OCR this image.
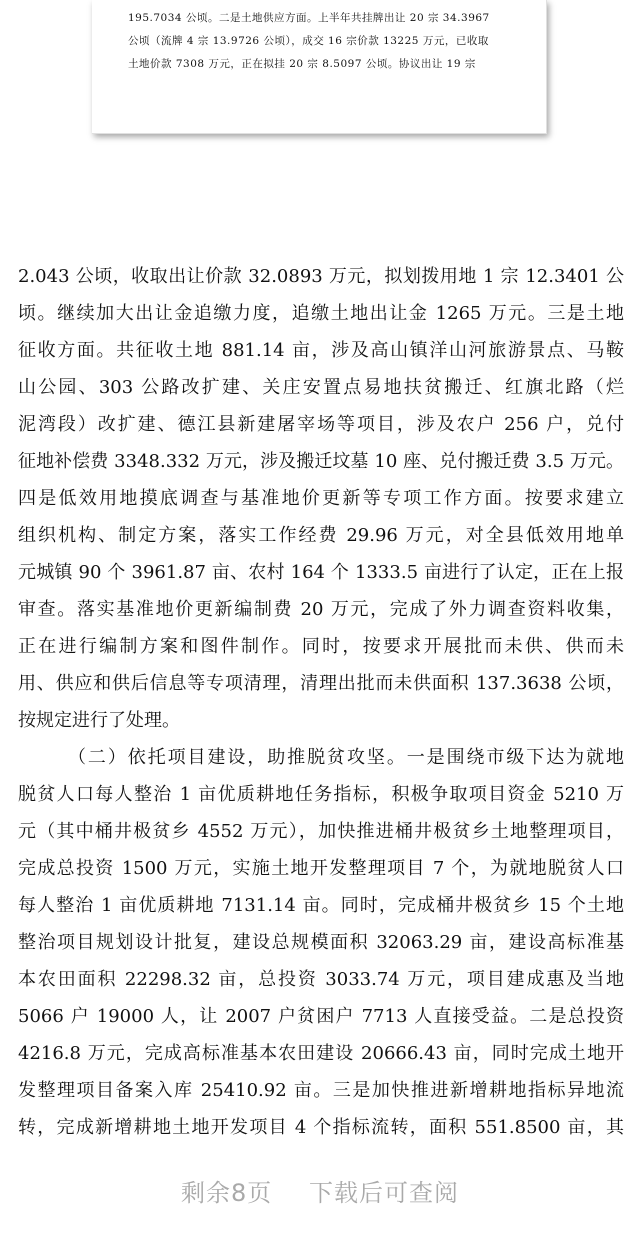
195.7034 公顷。二是土地供应方面。上半年共挂牌出让 20 宗 34.3967
公顷（流牌 4 宗 13.9726 公顷），成交 16 宗价款 13225 万元，已收取
土地价款 7308 万元，正在拟挂 20 宗 8.5097 公顷。协议出让 19 宗
2.043 公顷，收取出让价款 32.0893 万元，拟划拨用地 1 宗 12.3401 公
顷。继续加大出让金追缴力度，追缴土地出让金 1265 万元。三是土地
征收方面。共征收土地 881.14 亩，涉及高山镇洋山河旅游景点、马鞍
山公园、303 公路改扩建、关庄安置点易地扶贫搬迁、红旗北路（烂
泥湾段）改扩建、德江县新建屠宰场等项目，涉及农户 256 户，兑付
征地补偿费 3348.332 万元，涉及搬迁坟墓 10 座、兑付搬迁费 3.5 万元。
四是低效用地摸底调查与基准地价更新等专项工作方面。按要求建立
组织机构、制定方案，落实工作经费 29.96 万元，对全县低效用地单
元城镇 90 个 3961.87 亩、农村 164 个 1333.5 亩进行了认定，正在上报
审查。落实基准地价更新编制费 20 万元，完成了外力调查资料收集，
正在进行编制方案和图件制作。同时，按要求开展批而未供、供而未
用、供应和供后信息等专项清理，清理出批而未供面积 137.3638 公顷，
按规定进行了处理。
（二）依托项目建设，助推脱贫攻坚。一是围绕市级下达为就地
脱贫人口每人整治 1 亩优质耕地任务指标，积极争取项目资金 5210 万
元（其中桶井极贫乡 4552 万元），加快推进桶井极贫乡土地整理项目，
完成总投资 1500 万元，实施土地开发整理项目 7 个，为就地脱贫人口
每人整治 1 亩优质耕地 7131.14 亩。同时，完成桶井极贫乡 15 个土地
整治项目规划设计批复，建设总规模面积 32063.29 亩，建设高标准基
本农田面积 22298.32 亩，总投资 3033.74 万元，项目建成惠及当地
5066 户 19000 人，让 2007 户贫困户 7713 人直接受益。二是总投资
4216.8 万元，完成高标准基本农田建设 20666.43 亩，同时完成土地开
发整理项目备案入库 25410.92 亩。三是加快推进新增耕地指标异地流
转，完成新增耕地土地开发项目 4 个指标流转，面积 551.8500 亩，其
剩余8页 下载后可查阅
